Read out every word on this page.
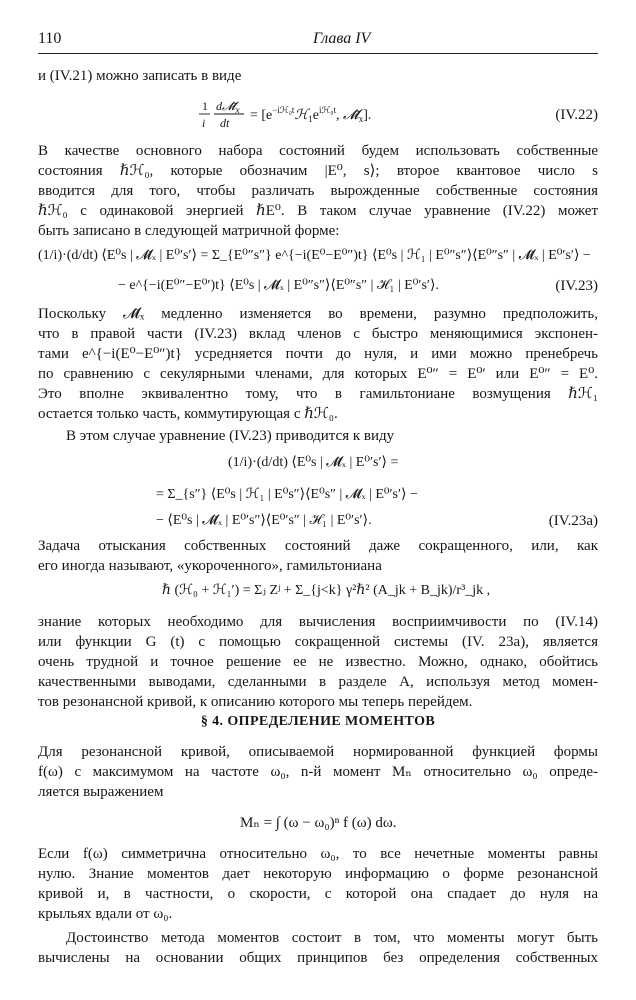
110	Глава IV
и (IV.21) можно записать в виде
1
i
$d𝓜̃_x$
dt = [$e^{-iℋ_0t}ℋ_1e^{iℋ_0t}$, $𝓜̃_x$].	(IV.22)
В качестве основного набора состояний будем использовать собственные
состояния ℏℋ₀, которые обозначим |E⁰, s⟩; второе квантовое число s
вводится для того, чтобы различать вырожденные собственные состояния
ℏℋ₀ с одинаковой энергией ℏE⁰. В таком случае уравнение (IV.22) может
быть записано в следующей матричной форме:
(1/i)·(d/dt) ⟨E⁰s | 𝓜̃ₓ | E⁰′s′⟩ = Σ_{E⁰″s″} e^{−i(E⁰−E⁰″)t} ⟨E⁰s | ℋ₁ | E⁰″s″⟩⟨E⁰″s″ | 𝓜̃ₓ | E⁰′s′⟩ −
− e^{−i(E⁰″−E⁰′)t} ⟨E⁰s | 𝓜̃ₓ | E⁰″s″⟩⟨E⁰″s″ | ℋ₁ | E⁰′s′⟩.	(IV.23)
Поскольку 𝓜̃ₓ медленно изменяется во времени, разумно предположить,
что в правой части (IV.23) вклад членов с быстро меняющимися экспонен-
тами e^{−i(E⁰−E⁰″)t} усредняется почти до нуля, и ими можно пренебречь
по сравнению с секулярными членами, для которых E⁰″ = E⁰′ или E⁰″ = E⁰.
Это вполне эквивалентно тому, что в гамильтониане возмущения ℏℋ₁
остается только часть, коммутирующая с ℏℋ₀.
В этом случае уравнение (IV.23) приводится к виду
(1/i)·(d/dt) ⟨E⁰s | 𝓜̃ₓ | E⁰′s′⟩ =
= Σ_{s″} ⟨E⁰s | ℋ₁ | E⁰s″⟩⟨E⁰s″ | 𝓜̃ₓ | E⁰′s′⟩ −
− ⟨E⁰s | 𝓜̃ₓ | E⁰′s″⟩⟨E⁰′s″ | ℋ₁ | E⁰′s′⟩.	(IV.23a)
Задача отыскания собственных состояний даже сокращенного, или, как
его иногда называют, «укороченного», гамильтониана
ℏ (ℋ₀ + ℋ₁′) = Σⱼ Zʲ + Σ_{j<k} γ²ℏ² (A_jk + B_jk)/r³_jk ,
знание которых необходимо для вычисления восприимчивости по (IV.14)
или функции G (t) с помощью сокращенной системы (IV. 23а), является
очень трудной и точное решение ее не известно. Можно, однако, обойтись
качественными выводами, сделанными в разделе А, используя метод момен-
тов резонансной кривой, к описанию которого мы теперь перейдем.
§ 4. ОПРЕДЕЛЕНИЕ МОМЕНТОВ
Для резонансной кривой, описываемой нормированной функцией формы
f(ω) с максимумом на частоте ω₀, n-й момент Mₙ относительно ω₀ опреде-
ляется выражением
Mₙ = ∫ (ω − ω₀)ⁿ f (ω) dω.
Если f(ω) симметрична относительно ω₀, то все нечетные моменты равны
нулю. Знание моментов дает некоторую информацию о форме резонансной
кривой и, в частности, о скорости, с которой она спадает до нуля на
крыльях вдали от ω₀.
Достоинство метода моментов состоит в том, что моменты могут быть
вычислены на основании общих принципов без определения собственных
